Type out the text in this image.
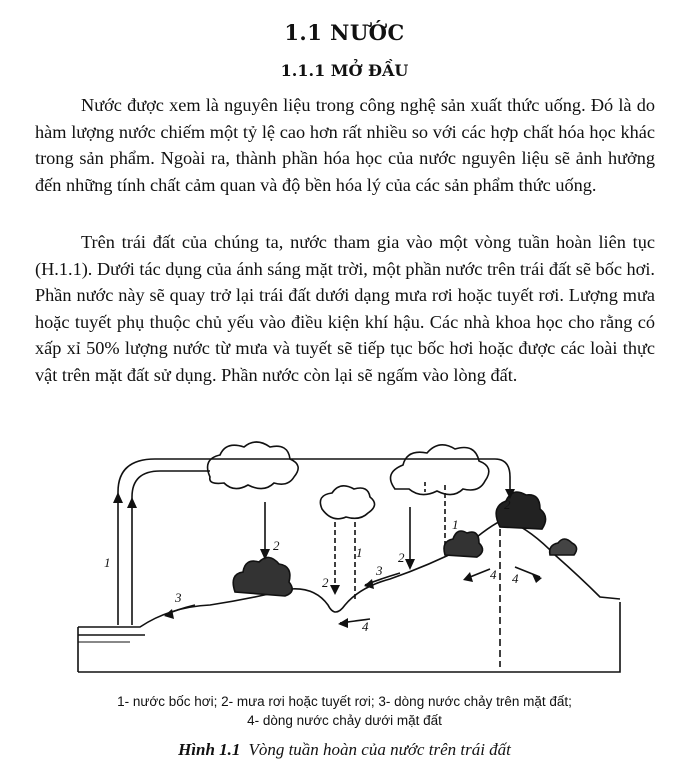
1.1 NƯỚC
1.1.1 MỞ ĐẦU

Nước được xem là nguyên liệu trong công nghệ sản xuất thức uống. Đó là do hàm lượng nước chiếm một tỷ lệ cao hơn rất nhiều so với các hợp chất hóa học khác trong sản phẩm. Ngoài ra, thành phần hóa học của nước nguyên liệu sẽ ảnh hưởng đến những tính chất cảm quan và độ bền hóa lý của các sản phẩm thức uống.

Trên trái đất của chúng ta, nước tham gia vào một vòng tuần hoàn liên tục (H.1.1). Dưới tác dụng của ánh sáng mặt trời, một phần nước trên trái đất sẽ bốc hơi. Phần nước này sẽ quay trở lại trái đất dưới dạng mưa rơi hoặc tuyết rơi. Lượng mưa hoặc tuyết phụ thuộc chủ yếu vào điều kiện khí hậu. Các nhà khoa học cho rằng có xấp xỉ 50% lượng nước từ mưa và tuyết sẽ tiếp tục bốc hơi hoặc được các loài thực vật trên mặt đất sử dụng. Phần nước còn lại sẽ ngấm vào lòng đất.

1
1
1
2
2
2
2
3
3
4
4 4
1- nước bốc hơi; 2- mưa rơi hoặc tuyết rơi; 3- dòng nước chảy trên mặt đất;
4- dòng nước chảy dưới mặt đất
Hình 1.1 Vòng tuần hoàn của nước trên trái đất
